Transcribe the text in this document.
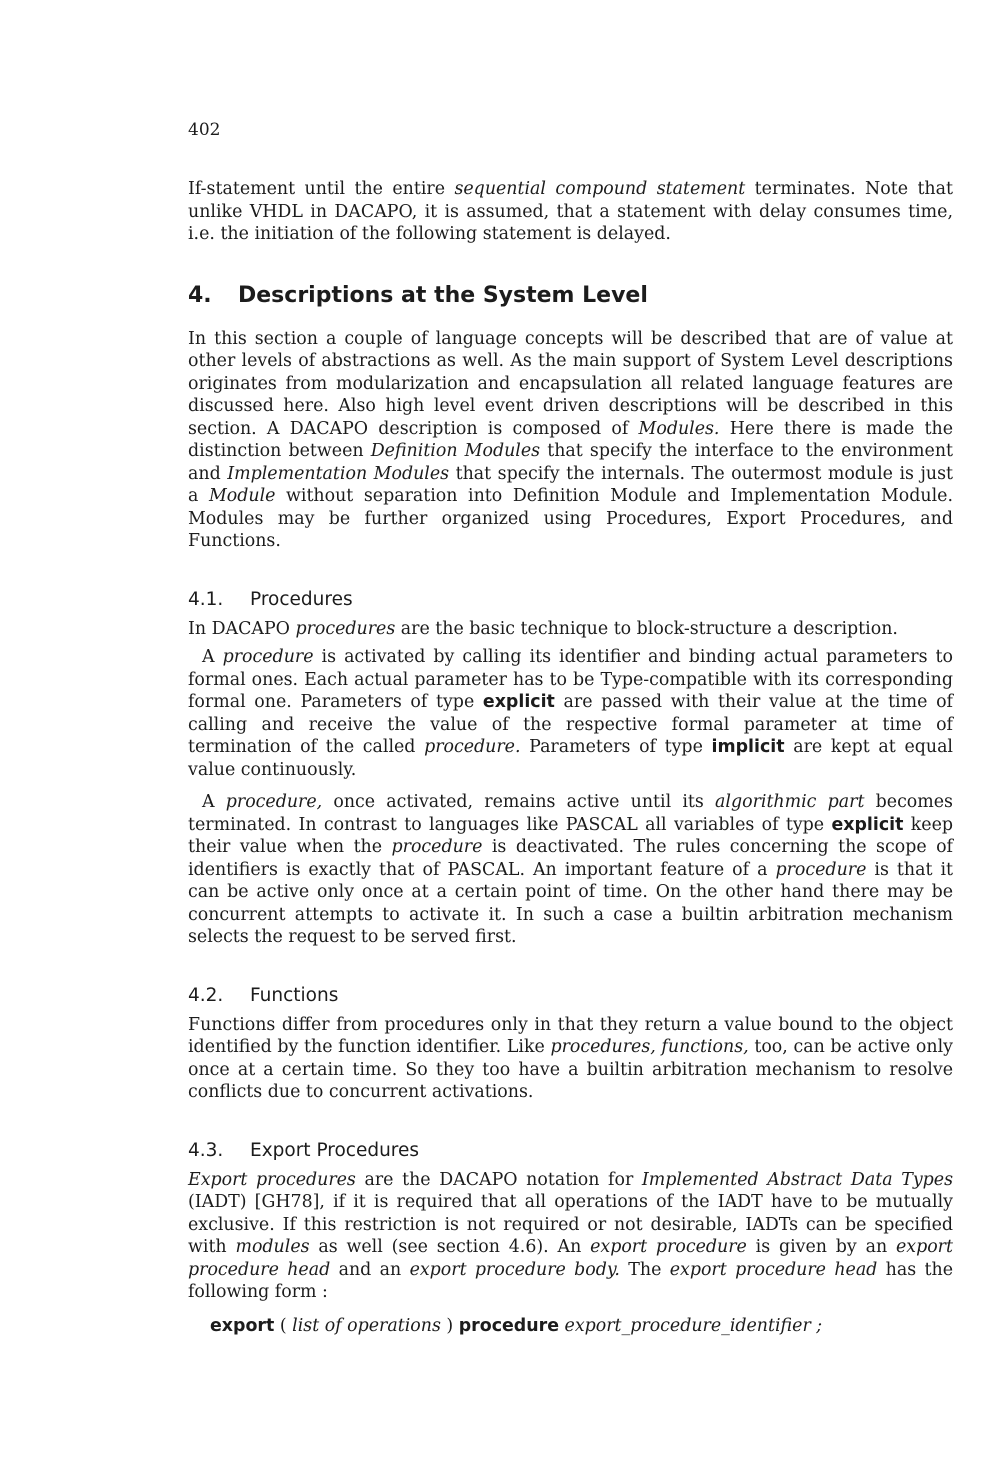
402

If-statement until the entire sequential compound statement terminates. Note that unlike VHDL in DACAPO, it is assumed, that a statement with delay consumes time, i.e. the initiation of the following statement is delayed.

4. Descriptions at the System Level

In this section a couple of language concepts will be described that are of value at other levels of abstractions as well. As the main support of System Level descriptions originates from modularization and encapsulation all related language features are discussed here. Also high level event driven descriptions will be described in this section. A DACAPO description is composed of Modules. Here there is made the distinction between Definition Modules that specify the interface to the environment and Implementation Modules that specify the internals. The outermost module is just a Module without separation into Definition Module and Implementation Module. Modules may be further organized using Procedures, Export Procedures, and Functions.

4.1. Procedures

In DACAPO procedures are the basic technique to block-structure a description.

A procedure is activated by calling its identifier and binding actual parameters to formal ones. Each actual parameter has to be Type-compatible with its corresponding formal one. Parameters of type explicit are passed with their value at the time of calling and receive the value of the respective formal parameter at time of termination of the called procedure. Parameters of type implicit are kept at equal value continuously.

A procedure, once activated, remains active until its algorithmic part becomes terminated. In contrast to languages like PASCAL all variables of type explicit keep their value when the procedure is deactivated. The rules concerning the scope of identifiers is exactly that of PASCAL. An important feature of a procedure is that it can be active only once at a certain point of time. On the other hand there may be concurrent attempts to activate it. In such a case a builtin arbitration mechanism selects the request to be served first.

4.2. Functions

Functions differ from procedures only in that they return a value bound to the object identified by the function identifier. Like procedures, functions, too, can be active only once at a certain time. So they too have a builtin arbitration mechanism to resolve conflicts due to concurrent activations.

4.3. Export Procedures

Export procedures are the DACAPO notation for Implemented Abstract Data Types (IADT) [GH78], if it is required that all operations of the IADT have to be mutually exclusive. If this restriction is not required or not desirable, IADTs can be specified with modules as well (see section 4.6). An export procedure is given by an export procedure head and an export procedure body. The export procedure head has the following form :

export ( list of operations ) procedure export_procedure_identifier ;
